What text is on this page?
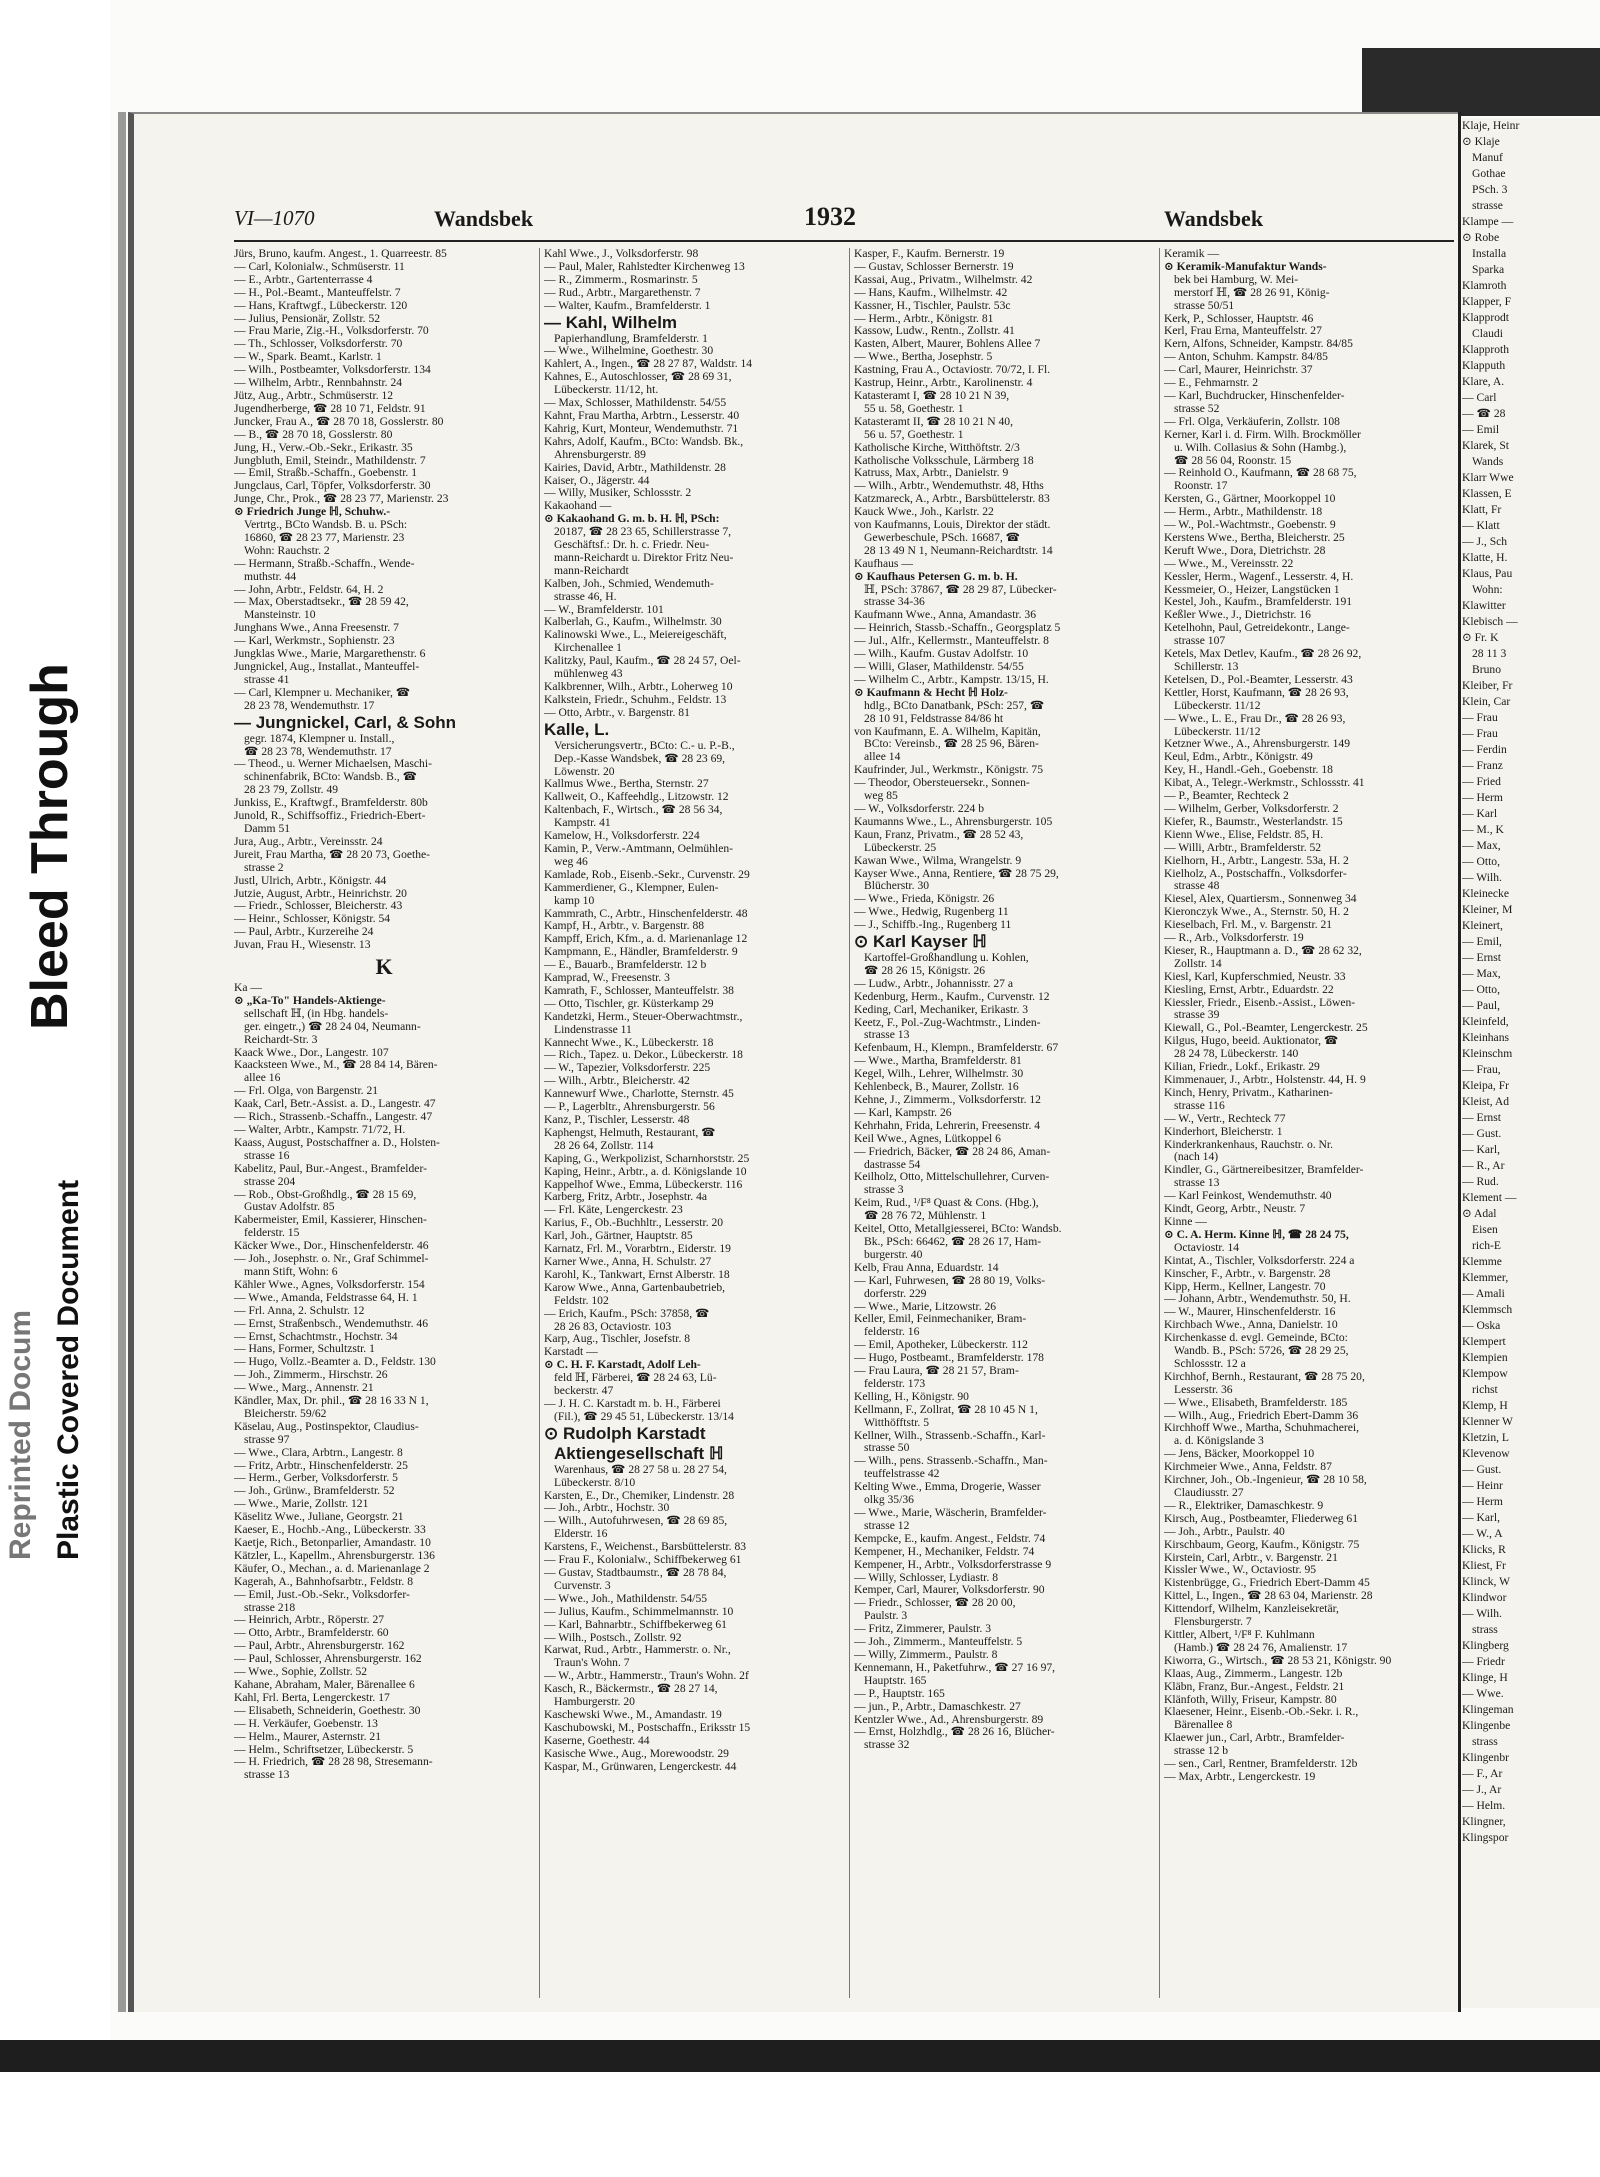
Reprinted Docum
Bleed Through
Plastic Covered Document
VI—1070	Wandsbek	1932	Wandsbek
Jürs, Bruno, kaufm. Angest., 1. Quarreestr. 85
— Carl, Kolonialw., Schmüserstr. 11
— E., Arbtr., Gartenterrasse 4
— H., Pol.-Beamt., Manteuffelstr. 7
— Hans, Kraftwgf., Lübeckerstr. 120
— Julius, Pensionär, Zollstr. 52
— Frau Marie, Zig.-H., Volksdorferstr. 70
— Th., Schlosser, Volksdorferstr. 70
— W., Spark. Beamt., Karlstr. 1
— Wilh., Postbeamter, Volksdorferstr. 134
— Wilhelm, Arbtr., Rennbahnstr. 24
Jütz, Aug., Arbtr., Schmüserstr. 12
Jugendherberge, ☎ 28 10 71, Feldstr. 91
Juncker, Frau A., ☎ 28 70 18, Gosslerstr. 80
— B., ☎ 28 70 18, Gosslerstr. 80
Jung, H., Verw.-Ob.-Sekr., Erikastr. 35
Jungbluth, Emil, Steindr., Mathildenstr. 7
— Emil, Straßb.-Schaffn., Goebenstr. 1
Jungclaus, Carl, Töpfer, Volksdorferstr. 30
Junge, Chr., Prok., ☎ 28 23 77, Marienstr. 23
⊙ Friedrich Junge ℍ, Schuhw.-
Vertrtg., BCto Wandsb. B. u. PSch:
16860, ☎ 28 23 77, Marienstr. 23
Wohn: Rauchstr. 2
— Hermann, Straßb.-Schaffn., Wende-
muthstr. 44
— John, Arbtr., Feldstr. 64, H. 2
— Max, Oberstadtsekr., ☎ 28 59 42,
Mansteinstr. 10
Junghans Wwe., Anna Freesenstr. 7
— Karl, Werkmstr., Sophienstr. 23
Jungklas Wwe., Marie, Margarethenstr. 6
Jungnickel, Aug., Installat., Manteuffel-
strasse 41
— Carl, Klempner u. Mechaniker, ☎
28 23 78, Wendemuthstr. 17
— Jungnickel, Carl, & Sohn
gegr. 1874, Klempner u. Install.,
☎ 28 23 78, Wendemuthstr. 17
— Theod., u. Werner Michaelsen, Maschi-
schinenfabrik, BCto: Wandsb. B., ☎
28 23 79, Zollstr. 49
Junkiss, E., Kraftwgf., Bramfelderstr. 80b
Junold, R., Schiffsoffiz., Friedrich-Ebert-
Damm 51
Jura, Aug., Arbtr., Vereinsstr. 24
Jureit, Frau Martha, ☎ 28 20 73, Goethe-
strasse 2
Justl, Ulrich, Arbtr., Königstr. 44
Jutzie, August, Arbtr., Heinrichstr. 20
— Friedr., Schlosser, Bleicherstr. 43
— Heinr., Schlosser, Königstr. 54
— Paul, Arbtr., Kurzereihe 24
Juvan, Frau H., Wiesenstr. 13
K
Ka —
⊙ „Ka-To" Handels-Aktienge-
sellschaft ℍ, (in Hbg. handels-
ger. eingetr.,) ☎ 28 24 04, Neumann-
Reichardt-Str. 3
Kaack Wwe., Dor., Langestr. 107
Kaacksteen Wwe., M., ☎ 28 84 14, Bären-
allee 16
— Frl. Olga, von Bargenstr. 21
Kaak, Carl, Betr.-Assist. a. D., Langestr. 47
— Rich., Strassenb.-Schaffn., Langestr. 47
— Walter, Arbtr., Kampstr. 71/72, H.
Kaass, August, Postschaffner a. D., Holsten-
strasse 16
Kabelitz, Paul, Bur.-Angest., Bramfelder-
strasse 204
— Rob., Obst-Großhdlg., ☎ 28 15 69,
Gustav Adolfstr. 85
Kabermeister, Emil, Kassierer, Hinschen-
felderstr. 15
Käcker Wwe., Dor., Hinschenfelderstr. 46
— Joh., Josephstr. o. Nr., Graf Schimmel-
mann Stift, Wohn: 6
Kähler Wwe., Agnes, Volksdorferstr. 154
— Wwe., Amanda, Feldstrasse 64, H. 1
— Frl. Anna, 2. Schulstr. 12
— Ernst, Straßenbsch., Wendemuthstr. 46
— Ernst, Schachtmstr., Hochstr. 34
— Hans, Former, Schultzstr. 1
— Hugo, Vollz.-Beamter a. D., Feldstr. 130
— Joh., Zimmerm., Hirschstr. 26
— Wwe., Marg., Annenstr. 21
Kändler, Max, Dr. phil., ☎ 28 16 33 N 1,
Bleicherstr. 59/62
Käselau, Aug., Postinspektor, Claudius-
strasse 97
— Wwe., Clara, Arbtrn., Langestr. 8
— Fritz, Arbtr., Hinschenfelderstr. 25
— Herm., Gerber, Volksdorferstr. 5
— Joh., Grünw., Bramfelderstr. 52
— Wwe., Marie, Zollstr. 121
Käselitz Wwe., Juliane, Georgstr. 21
Kaeser, E., Hochb.-Ang., Lübeckerstr. 33
Kaetje, Rich., Betonparlier, Amandastr. 10
Kätzler, L., Kapellm., Ahrensburgerstr. 136
Käufer, O., Mechan., a. d. Marienanlage 2
Kagerah, A., Bahnhofsarbtr., Feldstr. 8
— Emil, Just.-Ob.-Sekr., Volksdorfer-
strasse 218
— Heinrich, Arbtr., Röperstr. 27
— Otto, Arbtr., Bramfelderstr. 60
— Paul, Arbtr., Ahrensburgerstr. 162
— Paul, Schlosser, Ahrensburgerstr. 162
— Wwe., Sophie, Zollstr. 52
Kahane, Abraham, Maler, Bärenallee 6
Kahl, Frl. Berta, Lengerckestr. 17
— Elisabeth, Schneiderin, Goethestr. 30
— H. Verkäufer, Goebenstr. 13
— Helm., Maurer, Asternstr. 21
— Helm., Schriftsetzer, Lübeckerstr. 5
— H. Friedrich, ☎ 28 28 98, Stresemann-
strasse 13
Kahl Wwe., J., Volksdorferstr. 98
— Paul, Maler, Rahlstedter Kirchenweg 13
— R., Zimmerm., Rosmarinstr. 5
— Rud., Arbtr., Margarethenstr. 7
— Walter, Kaufm., Bramfelderstr. 1
— Kahl, Wilhelm
Papierhandlung, Bramfelderstr. 1
— Wwe., Wilhelmine, Goethestr. 30
Kahlert, A., Ingen., ☎ 28 27 87, Waldstr. 14
Kahnes, E., Autoschlosser, ☎ 28 69 31,
Lübeckerstr. 11/12, ht.
— Max, Schlosser, Mathildenstr. 54/55
Kahnt, Frau Martha, Arbtrn., Lesserstr. 40
Kahrig, Kurt, Monteur, Wendemuthstr. 71
Kahrs, Adolf, Kaufm., BCto: Wandsb. Bk.,
Ahrensburgerstr. 89
Kairies, David, Arbtr., Mathildenstr. 28
Kaiser, O., Jägerstr. 44
— Willy, Musiker, Schlossstr. 2
Kakaohand —
⊙ Kakaohand G. m. b. H. ℍ, PSch:
20187, ☎ 28 23 65, Schillerstrasse 7,
Geschäftsf.: Dr. h. c. Friedr. Neu-
mann-Reichardt u. Direktor Fritz Neu-
mann-Reichardt
Kalben, Joh., Schmied, Wendemuth-
strasse 46, H.
— W., Bramfelderstr. 101
Kalberlah, G., Kaufm., Wilhelmstr. 30
Kalinowski Wwe., L., Meiereigeschäft,
Kirchenallee 1
Kalitzky, Paul, Kaufm., ☎ 28 24 57, Oel-
mühlenweg 43
Kalkbrenner, Wilh., Arbtr., Loherweg 10
Kalkstein, Friedr., Schuhm., Feldstr. 13
— Otto, Arbtr., v. Bargenstr. 81
Kalle, L.
Versicherungsvertr., BCto: C.- u. P.-B.,
Dep.-Kasse Wandsbek, ☎ 28 23 69,
Löwenstr. 20
Kallmus Wwe., Bertha, Sternstr. 27
Kallweit, O., Kaffeehdlg., Litzowstr. 12
Kaltenbach, F., Wirtsch., ☎ 28 56 34,
Kampstr. 41
Kamelow, H., Volksdorferstr. 224
Kamin, P., Verw.-Amtmann, Oelmühlen-
weg 46
Kamlade, Rob., Eisenb.-Sekr., Curvenstr. 29
Kammerdiener, G., Klempner, Eulen-
kamp 10
Kammrath, C., Arbtr., Hinschenfelderstr. 48
Kampf, H., Arbtr., v. Bargenstr. 88
Kampff, Erich, Kfm., a. d. Marienanlage 12
Kampmann, E., Händler, Bramfelderstr. 9
— E., Bauarb., Bramfelderstr. 12 b
Kamprad, W., Freesenstr. 3
Kamrath, F., Schlosser, Manteuffelstr. 38
— Otto, Tischler, gr. Küsterkamp 29
Kandetzki, Herm., Steuer-Oberwachtmstr.,
Lindenstrasse 11
Kannecht Wwe., K., Lübeckerstr. 18
— Rich., Tapez. u. Dekor., Lübeckerstr. 18
— W., Tapezier, Volksdorferstr. 225
— Wilh., Arbtr., Bleicherstr. 42
Kannewurf Wwe., Charlotte, Sternstr. 45
— P., Lagerbltr., Ahrensburgerstr. 56
Kanz, P., Tischler, Lesserstr. 48
Kaphengst, Helmuth, Restaurant, ☎
28 26 64, Zollstr. 114
Kaping, G., Werkpolizist, Scharnhorststr. 25
Kaping, Heinr., Arbtr., a. d. Königslande 10
Kappelhof Wwe., Emma, Lübeckerstr. 116
Karberg, Fritz, Arbtr., Josephstr. 4a
— Frl. Käte, Lengerckestr. 23
Karius, F., Ob.-Buchhltr., Lesserstr. 20
Karl, Joh., Gärtner, Hauptstr. 85
Karnatz, Frl. M., Vorarbtrn., Eiderstr. 19
Karner Wwe., Anna, H. Schulstr. 27
Karohl, K., Tankwart, Ernst Alberstr. 18
Karow Wwe., Anna, Gartenbaubetrieb,
Feldstr. 102
— Erich, Kaufm., PSch: 37858, ☎
28 26 83, Octaviostr. 103
Karp, Aug., Tischler, Josefstr. 8
Karstadt —
⊙ C. H. F. Karstadt, Adolf Leh-
feld ℍ, Färberei, ☎ 28 24 63, Lü-
beckerstr. 47
— J. H. C. Karstadt m. b. H., Färberei
(Fil.), ☎ 29 45 51, Lübeckerstr. 13/14
⊙ Rudolph Karstadt
Aktiengesellschaft ℍ
Warenhaus, ☎ 28 27 58 u. 28 27 54,
Lübeckerstr. 8/10
Karsten, E., Dr., Chemiker, Lindenstr. 28
— Joh., Arbtr., Hochstr. 30
— Wilh., Autofuhrwesen, ☎ 28 69 85,
Elderstr. 16
Karstens, F., Weichenst., Barsbüttelerstr. 83
— Frau F., Kolonialw., Schiffbekerweg 61
— Gustav, Stadtbaumstr., ☎ 28 78 84,
Curvenstr. 3
— Wwe., Joh., Mathildenstr. 54/55
— Julius, Kaufm., Schimmelmannstr. 10
— Karl, Bahnarbtr., Schiffbekerweg 61
— Wilh., Postsch., Zollstr. 92
Karwat, Rud., Arbtr., Hammerstr. o. Nr.,
Traun's Wohn. 7
— W., Arbtr., Hammerstr., Traun's Wohn. 2f
Kasch, R., Bäckermstr., ☎ 28 27 14,
Hamburgerstr. 20
Kaschewski Wwe., M., Amandastr. 19
Kaschubowski, M., Postschaffn., Eriksstr 15
Kaserne, Goethestr. 44
Kasische Wwe., Aug., Morewoodstr. 29
Kaspar, M., Grünwaren, Lengerckestr. 44
Kasper, F., Kaufm. Bernerstr. 19
— Gustav, Schlosser Bernerstr. 19
Kassai, Aug., Privatm., Wilhelmstr. 42
— Hans, Kaufm., Wilhelmstr. 42
Kassner, H., Tischler, Paulstr. 53c
— Herm., Arbtr., Königstr. 81
Kassow, Ludw., Rentn., Zollstr. 41
Kasten, Albert, Maurer, Bohlens Allee 7
— Wwe., Bertha, Josephstr. 5
Kastning, Frau A., Octaviostr. 70/72, I. Fl.
Kastrup, Heinr., Arbtr., Karolinenstr. 4
Katasteramt I, ☎ 28 10 21 N 39,
55 u. 58, Goethestr. 1
Katasteramt II, ☎ 28 10 21 N 40,
56 u. 57, Goethestr. 1
Katholische Kirche, Witthöftstr. 2/3
Katholische Volksschule, Lärmberg 18
Katruss, Max, Arbtr., Danielstr. 9
— Wilh., Arbtr., Wendemuthstr. 48, Hths
Katzmareck, A., Arbtr., Barsbüttelerstr. 83
Kauck Wwe., Joh., Karlstr. 22
von Kaufmanns, Louis, Direktor der städt.
Gewerbeschule, PSch. 16687, ☎
28 13 49 N 1, Neumann-Reichardtstr. 14
Kaufhaus —
⊙ Kaufhaus Petersen G. m. b. H.
ℍ, PSch: 37867, ☎ 28 29 87, Lübecker-
strasse 34-36
Kaufmann Wwe., Anna, Amandastr. 36
— Heinrich, Stassb.-Schaffn., Georgsplatz 5
— Jul., Alfr., Kellermstr., Manteuffelstr. 8
— Wilh., Kaufm. Gustav Adolfstr. 10
— Willi, Glaser, Mathildenstr. 54/55
— Wilhelm C., Arbtr., Kampstr. 13/15, H.
⊙ Kaufmann & Hecht ℍ Holz-
hdlg., BCto Danatbank, PSch: 257, ☎
28 10 91, Feldstrasse 84/86 ht
von Kaufmann, E. A. Wilhelm, Kapitän,
BCto: Vereinsb., ☎ 28 25 96, Bären-
allee 14
Kaufrinder, Jul., Werkmstr., Königstr. 75
— Theodor, Obersteuersekr., Sonnen-
weg 85
— W., Volksdorferstr. 224 b
Kaumanns Wwe., L., Ahrensburgerstr. 105
Kaun, Franz, Privatm., ☎ 28 52 43,
Lübeckerstr. 25
Kawan Wwe., Wilma, Wrangelstr. 9
Kayser Wwe., Anna, Rentiere, ☎ 28 75 29,
Blücherstr. 30
— Wwe., Frieda, Königstr. 26
— Wwe., Hedwig, Rugenberg 11
— J., Schiffb.-Ing., Rugenberg 11
⊙ Karl Kayser ℍ
Kartoffel-Großhandlung u. Kohlen,
☎ 28 26 15, Königstr. 26
— Ludw., Arbtr., Johannisstr. 27 a
Kedenburg, Herm., Kaufm., Curvenstr. 12
Keding, Carl, Mechaniker, Erikastr. 3
Keetz, F., Pol.-Zug-Wachtmstr., Linden-
strasse 13
Kefenbaum, H., Klempn., Bramfelderstr. 67
— Wwe., Martha, Bramfelderstr. 81
Kegel, Wilh., Lehrer, Wilhelmstr. 30
Kehlenbeck, B., Maurer, Zollstr. 16
Kehne, J., Zimmerm., Volksdorferstr. 12
— Karl, Kampstr. 26
Kehrhahn, Frida, Lehrerin, Freesenstr. 4
Keil Wwe., Agnes, Lütkoppel 6
— Friedrich, Bäcker, ☎ 28 24 86, Aman-
dastrasse 54
Keilholz, Otto, Mittelschullehrer, Curven-
strasse 3
Keim, Rud., ¹/F⁸ Quast & Cons. (Hbg.),
☎ 28 76 72, Mühlenstr. 1
Keitel, Otto, Metallgiesserei, BCto: Wandsb.
Bk., PSch: 66462, ☎ 28 26 17, Ham-
burgerstr. 40
Kelb, Frau Anna, Eduardstr. 14
— Karl, Fuhrwesen, ☎ 28 80 19, Volks-
dorferstr. 229
— Wwe., Marie, Litzowstr. 26
Keller, Emil, Feinmechaniker, Bram-
felderstr. 16
— Emil, Apotheker, Lübeckerstr. 112
— Hugo, Postbeamt., Bramfelderstr. 178
— Frau Laura, ☎ 28 21 57, Bram-
felderstr. 173
Kelling, H., Königstr. 90
Kellmann, F., Zollrat, ☎ 28 10 45 N 1,
Witthöfftstr. 5
Kellner, Wilh., Strassenb.-Schaffn., Karl-
strasse 50
— Wilh., pens. Strassenb.-Schaffn., Man-
teuffelstrasse 42
Kelting Wwe., Emma, Drogerie, Wasser
olkg 35/36
— Wwe., Marie, Wäscherin, Bramfelder-
strasse 12
Kempcke, E., kaufm. Angest., Feldstr. 74
Kempener, H., Mechaniker, Feldstr. 74
Kempener, H., Arbtr., Volksdorferstrasse 9
— Willy, Schlosser, Lydiastr. 8
Kemper, Carl, Maurer, Volksdorferstr. 90
— Friedr., Schlosser, ☎ 28 20 00,
Paulstr. 3
— Fritz, Zimmerer, Paulstr. 3
— Joh., Zimmerm., Manteuffelstr. 5
— Willy, Zimmerm., Paulstr. 8
Kennemann, H., Paketfuhrw., ☎ 27 16 97,
Hauptstr. 165
— P., Hauptstr. 165
— jun., P., Arbtr., Damaschkestr. 27
Kentzler Wwe., Ad., Ahrensburgerstr. 89
— Ernst, Holzhdlg., ☎ 28 26 16, Blücher-
strasse 32
Keramik —
⊙ Keramik-Manufaktur Wands-
bek bei Hamburg, W. Mei-
merstorf ℍ, ☎ 28 26 91, König-
strasse 50/51
Kerk, P., Schlosser, Hauptstr. 46
Kerl, Frau Erna, Manteuffelstr. 27
Kern, Alfons, Schneider, Kampstr. 84/85
— Anton, Schuhm. Kampstr. 84/85
— Carl, Maurer, Heinrichstr. 37
— E., Fehmarnstr. 2
— Karl, Buchdrucker, Hinschenfelder-
strasse 52
— Frl. Olga, Verkäuferin, Zollstr. 108
Kerner, Karl i. d. Firm. Wilh. Brockmöller
u. Wilh. Collasius & Sohn (Hambg.),
☎ 28 56 04, Roonstr. 15
— Reinhold O., Kaufmann, ☎ 28 68 75,
Roonstr. 17
Kersten, G., Gärtner, Moorkoppel 10
— Herm., Arbtr., Mathildenstr. 18
— W., Pol.-Wachtmstr., Goebenstr. 9
Kerstens Wwe., Bertha, Bleicherstr. 25
Keruft Wwe., Dora, Dietrichstr. 28
— Wwe., M., Vereinsstr. 22
Kessler, Herm., Wagenf., Lesserstr. 4, H.
Kessmeier, O., Heizer, Langstücken 1
Kestel, Joh., Kaufm., Bramfelderstr. 191
Keßler Wwe., J., Dietrichstr. 16
Ketelhohn, Paul, Getreidekontr., Lange-
strasse 107
Ketels, Max Detlev, Kaufm., ☎ 28 26 92,
Schillerstr. 13
Ketelsen, D., Pol.-Beamter, Lesserstr. 43
Kettler, Horst, Kaufmann, ☎ 28 26 93,
Lübeckerstr. 11/12
— Wwe., L. E., Frau Dr., ☎ 28 26 93,
Lübeckerstr. 11/12
Ketzner Wwe., A., Ahrensburgerstr. 149
Keul, Edm., Arbtr., Königstr. 49
Key, H., Handl.-Geh., Goebenstr. 18
Kibat, A., Telegr.-Werkmstr., Schlossstr. 41
— P., Beamter, Rechteck 2
— Wilhelm, Gerber, Volksdorferstr. 2
Kiefer, R., Baumstr., Westerlandstr. 15
Kienn Wwe., Elise, Feldstr. 85, H.
— Willi, Arbtr., Bramfelderstr. 52
Kielhorn, H., Arbtr., Langestr. 53a, H. 2
Kielholz, A., Postschaffn., Volksdorfer-
strasse 48
Kiesel, Alex, Quartiersm., Sonnenweg 34
Kieronczyk Wwe., A., Sternstr. 50, H. 2
Kieselbach, Frl. M., v. Bargenstr. 21
— R., Arb., Volksdorferstr. 19
Kieser, R., Hauptmann a. D., ☎ 28 62 32,
Zollstr. 14
Kiesl, Karl, Kupferschmied, Neustr. 33
Kiesling, Ernst, Arbtr., Eduardstr. 22
Kiessler, Friedr., Eisenb.-Assist., Löwen-
strasse 39
Kiewall, G., Pol.-Beamter, Lengerckestr. 25
Kilgus, Hugo, beeid. Auktionator, ☎
28 24 78, Lübeckerstr. 140
Kilian, Friedr., Lokf., Erikastr. 29
Kimmenauer, J., Arbtr., Holstenstr. 44, H. 9
Kinch, Henry, Privatm., Katharinen-
strasse 116
— W., Vertr., Rechteck 77
Kinderhort, Bleicherstr. 1
Kinderkrankenhaus, Rauchstr. o. Nr.
(nach 14)
Kindler, G., Gärtnereibesitzer, Bramfelder-
strasse 13
— Karl Feinkost, Wendemuthstr. 40
Kindt, Georg, Arbtr., Neustr. 7
Kinne —
⊙ C. A. Herm. Kinne ℍ, ☎ 28 24 75,
Octaviostr. 14
Kintat, A., Tischler, Volksdorferstr. 224 a
Kinscher, F., Arbtr., v. Bargenstr. 28
Kipp, Herm., Kellner, Langestr. 70
— Johann, Arbtr., Wendemuthstr. 50, H.
— W., Maurer, Hinschenfelderstr. 16
Kirchbach Wwe., Anna, Danielstr. 10
Kirchenkasse d. evgl. Gemeinde, BCto:
Wandb. B., PSch: 5726, ☎ 28 29 25,
Schlossstr. 12 a
Kirchhof, Bernh., Restaurant, ☎ 28 75 20,
Lesserstr. 36
— Wwe., Elisabeth, Bramfelderstr. 185
— Wilh., Aug., Friedrich Ebert-Damm 36
Kirchhoff Wwe., Martha, Schuhmacherei,
a. d. Königslande 3
— Jens, Bäcker, Moorkoppel 10
Kirchmeier Wwe., Anna, Feldstr. 87
Kirchner, Joh., Ob.-Ingenieur, ☎ 28 10 58,
Claudiusstr. 27
— R., Elektriker, Damaschkestr. 9
Kirsch, Aug., Postbeamter, Fliederweg 61
— Joh., Arbtr., Paulstr. 40
Kirschbaum, Georg, Kaufm., Königstr. 75
Kirstein, Carl, Arbtr., v. Bargenstr. 21
Kissler Wwe., W., Octaviostr. 95
Kistenbrügge, G., Friedrich Ebert-Damm 45
Kittel, L., Ingen., ☎ 28 63 04, Marienstr. 28
Kittendorf, Wilhelm, Kanzleisekretär,
Flensburgerstr. 7
Kittler, Albert, ¹/F⁸ F. Kuhlmann
(Hamb.) ☎ 28 24 76, Amalienstr. 17
Kiworra, G., Wirtsch., ☎ 28 53 21, Königstr. 90
Klaas, Aug., Zimmerm., Langestr. 12b
Kläbn, Franz, Bur.-Angest., Feldstr. 21
Klänfoth, Willy, Friseur, Kampstr. 80
Klaesener, Heinr., Eisenb.-Ob.-Sekr. i. R.,
Bärenallee 8
Klaewer jun., Carl, Arbtr., Bramfelder-
strasse 12 b
— sen., Carl, Rentner, Bramfelderstr. 12b
— Max, Arbtr., Lengerckestr. 19
Klaje, Heinr
⊙ Klaje
Manuf
Gothae
PSch. 3
strasse
Klampe —
⊙ Robe
Installa
Sparka
Klamroth
Klapper, F
Klapprodt
Claudi
Klapproth
Klapputh
Klare, A.
— Carl
— ☎ 28
— Emil
Klarek, St
Wands
Klarr Wwe
Klassen, E
Klatt, Fr
— Klatt
— J., Sch
Klatte, H.
Klaus, Pau
Wohn:
Klawitter
Klebisch —
⊙ Fr. K
28 11 3
Bruno
Kleiber, Fr
Klein, Car
— Frau
— Frau
— Ferdin
— Franz
— Fried
— Herm
— Karl
— M., K
— Max,
— Otto,
— Wilh.
Kleinecke
Kleiner, M
Kleinert,
— Emil,
— Ernst
— Max,
— Otto,
— Paul,
Kleinfeld,
Kleinhans
Kleinschm
— Frau,
Kleipa, Fr
Kleist, Ad
— Ernst
— Gust.
— Karl,
— R., Ar
— Rud.
Klement —
⊙ Adal
Eisen
rich-E
Klemme
Klemmer,
— Amali
Klemmsch
— Oska
Klempert
Klempien
Klempow
richst
Klemp, H
Klenner W
Kletzin, L
Klevenow
— Gust.
— Heinr
— Herm
— Karl,
— W., A
Klicks, R
Kliest, Fr
Klinck, W
Klindwor
— Wilh.
strass
Klingberg
— Friedr
Klinge, H
— Wwe.
Klingeman
Klingenbe
strass
Klingenbr
— F., Ar
— J., Ar
— Helm.
Klingner,
Klingspor
